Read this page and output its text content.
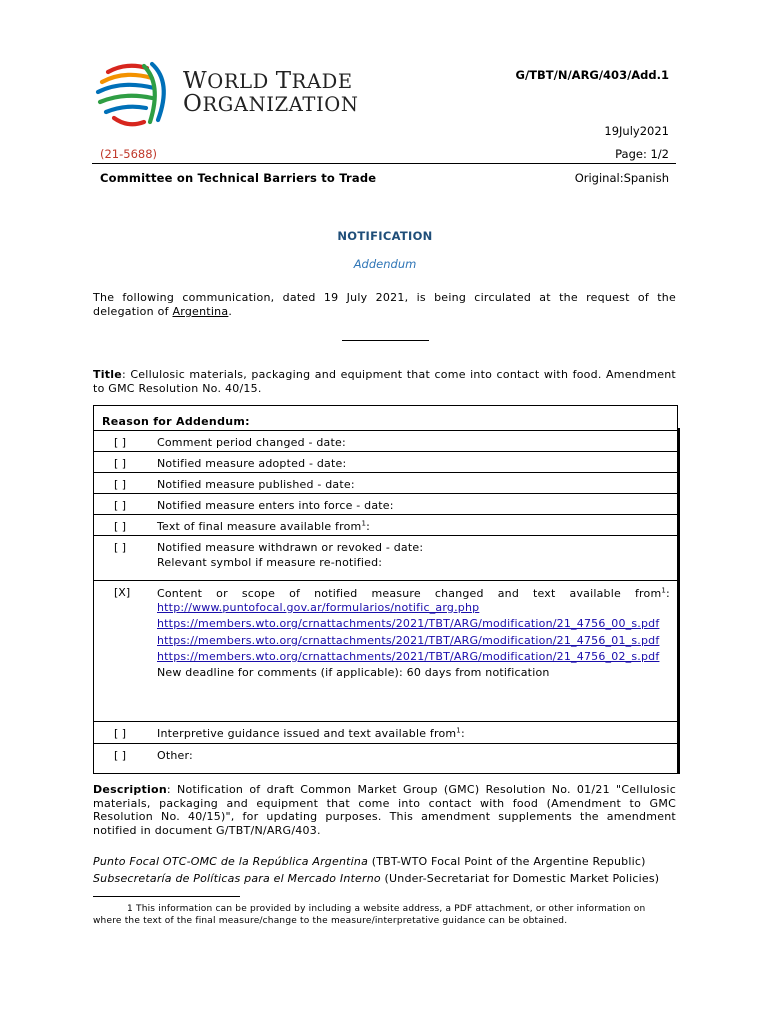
WORLD TRADE
ORGANIZATION
G/TBT/N/ARG/403/Add.1
19July2021
(21-5688)	Page: 1/2
Committee on Technical Barriers to Trade	Original:Spanish
NOTIFICATION
Addendum
The following communication, dated 19 July 2021, is being circulated at the request of the delegation of Argentina.
Title: Cellulosic materials, packaging and equipment that come into contact with food. Amendment to GMC Resolution No. 40/15.
Reason for Addendum:
[ ]	Comment period changed - date:
[ ]	Notified measure adopted - date:
[ ]	Notified measure published - date:
[ ]	Notified measure enters into force - date:
[ ]	Text of final measure available from$^1$:
[ ]	Notified measure withdrawn or revoked - date:
Relevant symbol if measure re-notified:
[X] Content or scope of notified measure changed and text available from$^1$:
http://www.puntofocal.gov.ar/formularios/notific_arg.php
https://members.wto.org/crnattachments/2021/TBT/ARG/modification/21_4756_00_s.pdf
https://members.wto.org/crnattachments/2021/TBT/ARG/modification/21_4756_01_s.pdf
https://members.wto.org/crnattachments/2021/TBT/ARG/modification/21_4756_02_s.pdf
New deadline for comments (if applicable): 60 days from notification
[ ]	Interpretive guidance issued and text available from$^1$:
[ ]	Other:
Description: Notification of draft Common Market Group (GMC) Resolution No. 01/21 "Cellulosic materials, packaging and equipment that come into contact with food (Amendment to GMC Resolution No. 40/15)", for updating purposes. This amendment supplements the amendment notified in document G/TBT/N/ARG/403.
Punto Focal OTC-OMC de la República Argentina (TBT-WTO Focal Point of the Argentine Republic)
Subsecretaría de Políticas para el Mercado Interno (Under-Secretariat for Domestic Market Policies)
1 This information can be provided by including a website address, a PDF attachment, or other information on where the text of the final measure/change to the measure/interpretative guidance can be obtained.
